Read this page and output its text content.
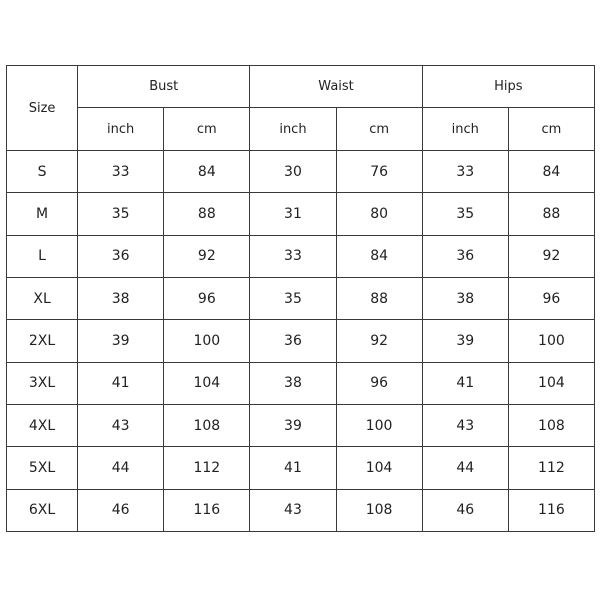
Size	Bust		Waist		Hips	
	inch	cm	inch	cm	inch	cm
S	33	84	30	76	33	84
M	35	88	31	80	35	88
L	36	92	33	84	36	92
XL	38	96	35	88	38	96
2XL	39	100	36	92	39	100
3XL	41	104	38	96	41	104
4XL	43	108	39	100	43	108
5XL	44	112	41	104	44	112
6XL	46	116	43	108	46	116
